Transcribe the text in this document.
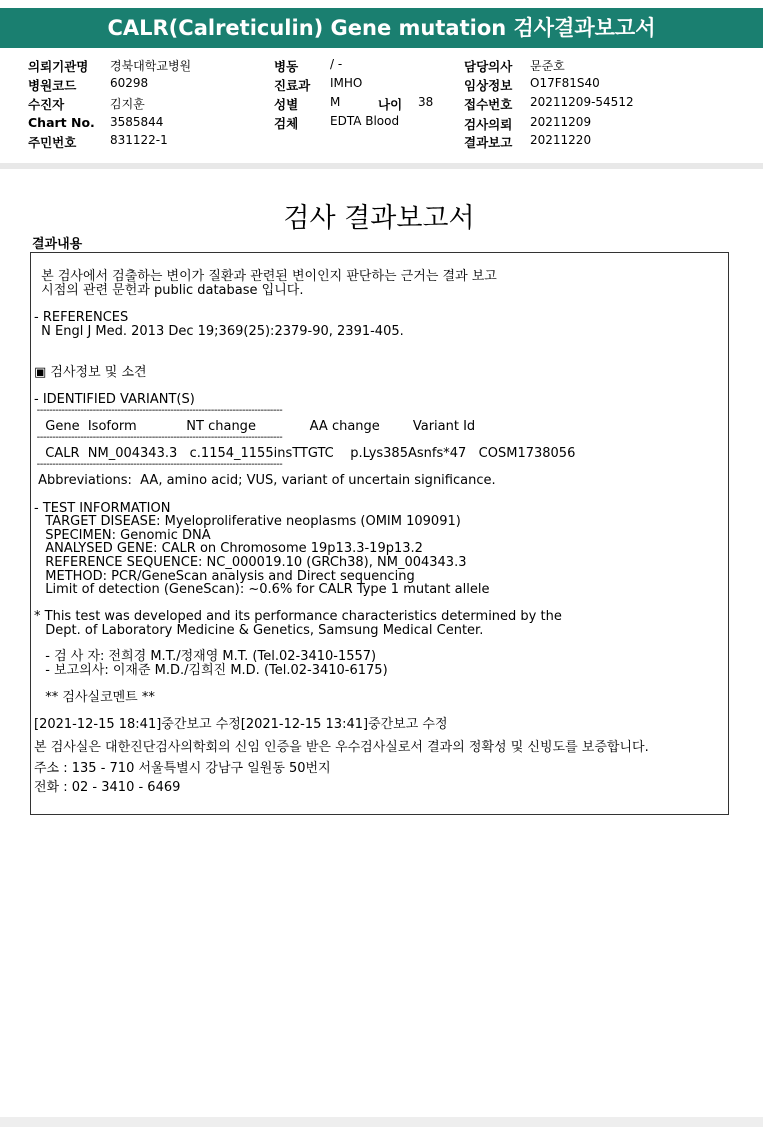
CALR(Calreticulin) Gene mutation 검사결과보고서
의뢰기관명 경북대학교병원
병원코드	60298
수진자	김지훈
Chart No. 3585844
주민번호	831122-1
병동	/ -
진료과 IMHO
성별	M	나이 38
검체	EDTA Blood
담당의사 문준호
임상정보 O17F81S40
접수번호 20211209-54512
검사의뢰 20211209
결과보고 20211220
검사 결과보고서
결과내용
본 검사에서 검출하는 변이가 질환과 관련된 변이인지 판단하는 근거는 결과 보고
시점의 관련 문헌과 public database 입니다.
- REFERENCES
N Engl J Med. 2013 Dec 19;369(25):2379-90, 2391-405.
▣ 검사정보 및 소견
- IDENTIFIED VARIANT(S)
-------------------------------------------------------------------------------
Gene  Isoform            NT change             AA change        Variant Id
-------------------------------------------------------------------------------
CALR  NM_004343.3   c.1154_1155insTTGTC    p.Lys385Asnfs*47   COSM1738056
-------------------------------------------------------------------------------
Abbreviations:  AA, amino acid; VUS, variant of uncertain significance.
- TEST INFORMATION
TARGET DISEASE: Myeloproliferative neoplasms (OMIM 109091)
SPECIMEN: Genomic DNA
ANALYSED GENE: CALR on Chromosome 19p13.3-19p13.2
REFERENCE SEQUENCE: NC_000019.10 (GRCh38), NM_004343.3
METHOD: PCR/GeneScan analysis and Direct sequencing
Limit of detection (GeneScan): ~0.6% for CALR Type 1 mutant allele
* This test was developed and its performance characteristics determined by the
Dept. of Laboratory Medicine & Genetics, Samsung Medical Center.
- 검 사 자: 전희경 M.T./정재영 M.T. (Tel.02-3410-1557)
- 보고의사: 이재준 M.D./김희진 M.D. (Tel.02-3410-6175)
** 검사실코멘트 **
[2021-12-15 18:41]중간보고 수정[2021-12-15 13:41]중간보고 수정
본 검사실은 대한진단검사의학회의 신임 인증을 받은 우수검사실로서 결과의 정확성 및 신빙도를 보증합니다.
주소 : 135 - 710 서울특별시 강남구 일원동 50번지
전화 : 02 - 3410 - 6469
